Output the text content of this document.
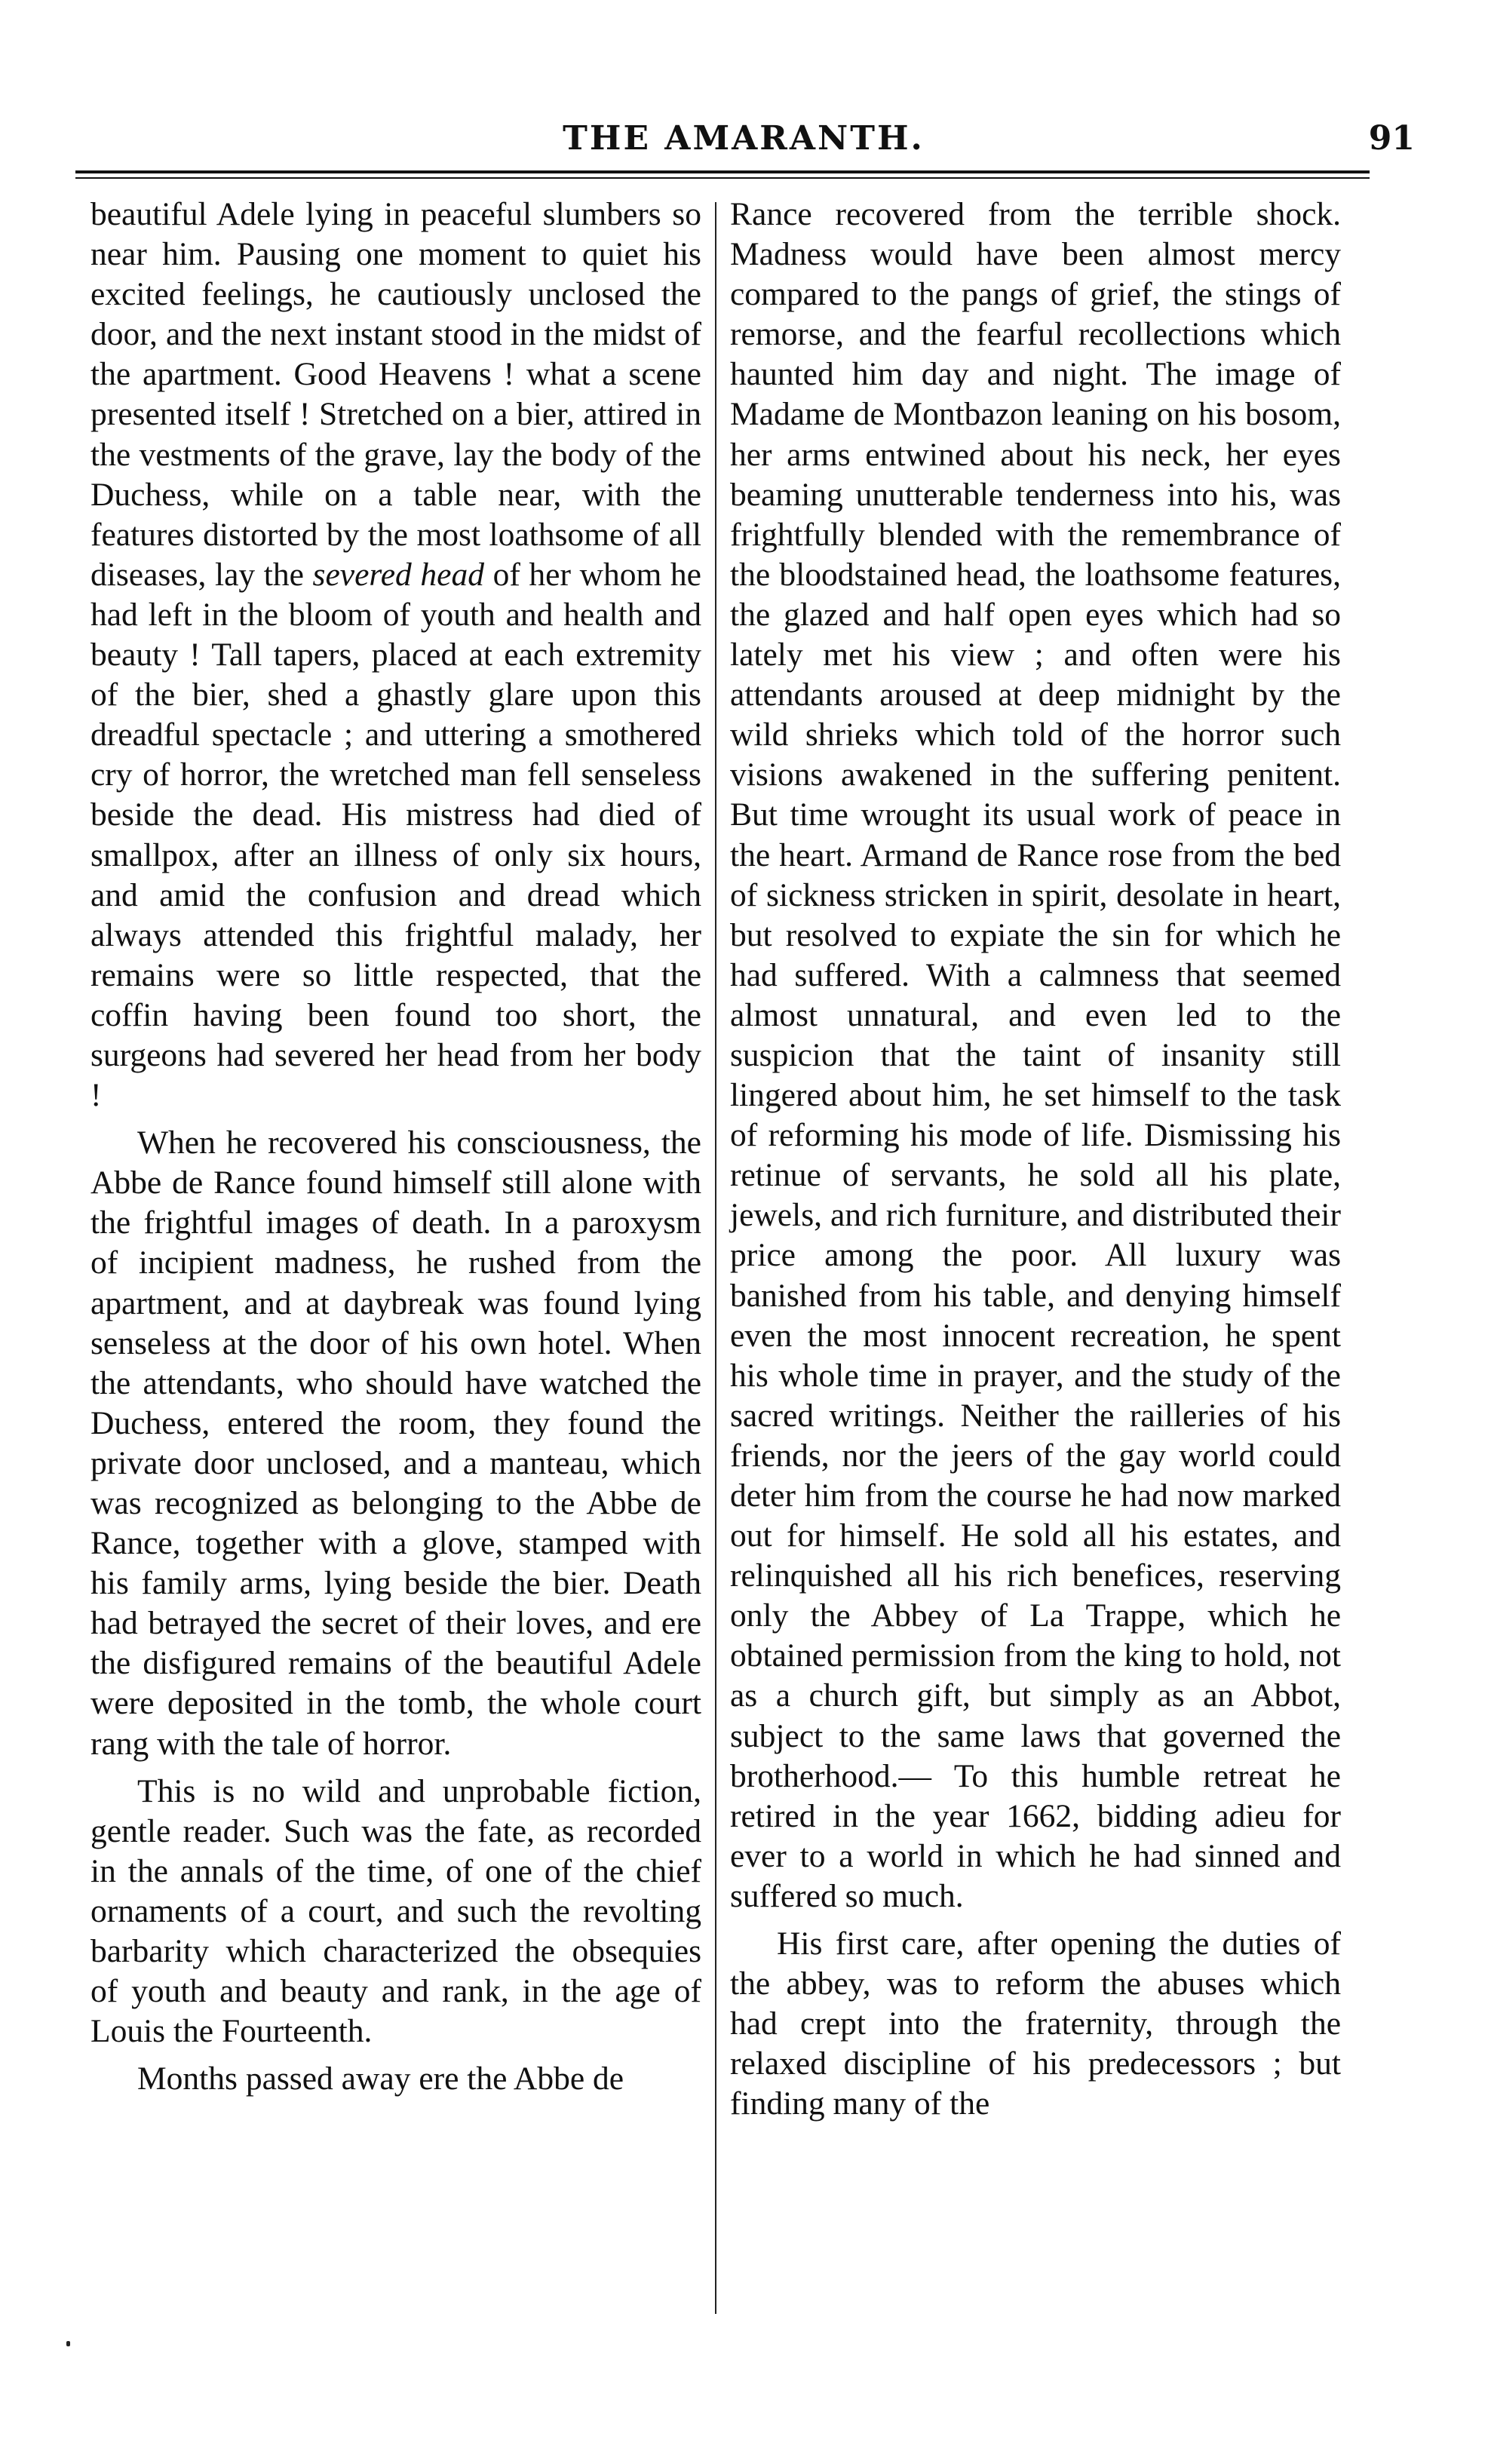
THE AMARANTH.	91

beautiful Adele lying in peaceful slumbers so near him. Pausing one moment to quiet his excited feelings, he cautiously unclosed the door, and the next instant stood in the midst of the apartment. Good Heavens ! what a scene presented itself ! Stretched on a bier, attired in the vestments of the grave, lay the body of the Duchess, while on a table near, with the features distorted by the most loathsome of all diseases, lay the severed head of her whom he had left in the bloom of youth and health and beauty ! Tall tapers, placed at each extremity of the bier, shed a ghastly glare upon this dreadful spectacle ; and uttering a smothered cry of horror, the wretched man fell senseless beside the dead. His mistress had died of smallpox, after an illness of only six hours, and amid the confusion and dread which always attended this frightful malady, her remains were so little respected, that the coffin having been found too short, the surgeons had severed her head from her body !

When he recovered his consciousness, the Abbe de Rance found himself still alone with the frightful images of death. In a paroxysm of incipient madness, he rushed from the apartment, and at daybreak was found lying senseless at the door of his own hotel. When the attendants, who should have watched the Duchess, entered the room, they found the private door unclosed, and a manteau, which was recognized as belonging to the Abbe de Rance, together with a glove, stamped with his family arms, lying beside the bier. Death had betrayed the secret of their loves, and ere the disfigured remains of the beautiful Adele were deposited in the tomb, the whole court rang with the tale of horror.

This is no wild and unprobable fiction, gentle reader. Such was the fate, as recorded in the annals of the time, of one of the chief ornaments of a court, and such the revolting barbarity which characterized the obsequies of youth and beauty and rank, in the age of Louis the Fourteenth.

Months passed away ere the Abbe de

Rance recovered from the terrible shock. Madness would have been almost mercy compared to the pangs of grief, the stings of remorse, and the fearful recollections which haunted him day and night. The image of Madame de Montbazon leaning on his bosom, her arms entwined about his neck, her eyes beaming unutterable tenderness into his, was frightfully blended with the remembrance of the bloodstained head, the loathsome features, the glazed and half open eyes which had so lately met his view ; and often were his attendants aroused at deep midnight by the wild shrieks which told of the horror such visions awakened in the suffering penitent. But time wrought its usual work of peace in the heart. Armand de Rance rose from the bed of sickness stricken in spirit, desolate in heart, but resolved to expiate the sin for which he had suffered. With a calmness that seemed almost unnatural, and even led to the suspicion that the taint of insanity still lingered about him, he set himself to the task of reforming his mode of life. Dismissing his retinue of servants, he sold all his plate, jewels, and rich furniture, and distributed their price among the poor. All luxury was banished from his table, and denying himself even the most innocent recreation, he spent his whole time in prayer, and the study of the sacred writings. Neither the railleries of his friends, nor the jeers of the gay world could deter him from the course he had now marked out for himself. He sold all his estates, and relinquished all his rich benefices, reserving only the Abbey of La Trappe, which he obtained permission from the king to hold, not as a church gift, but simply as an Abbot, subject to the same laws that governed the brotherhood.— To this humble retreat he retired in the year 1662, bidding adieu for ever to a world in which he had sinned and suffered so much.

His first care, after opening the duties of the abbey, was to reform the abuses which had crept into the fraternity, through the relaxed discipline of his predecessors ; but finding many of the
